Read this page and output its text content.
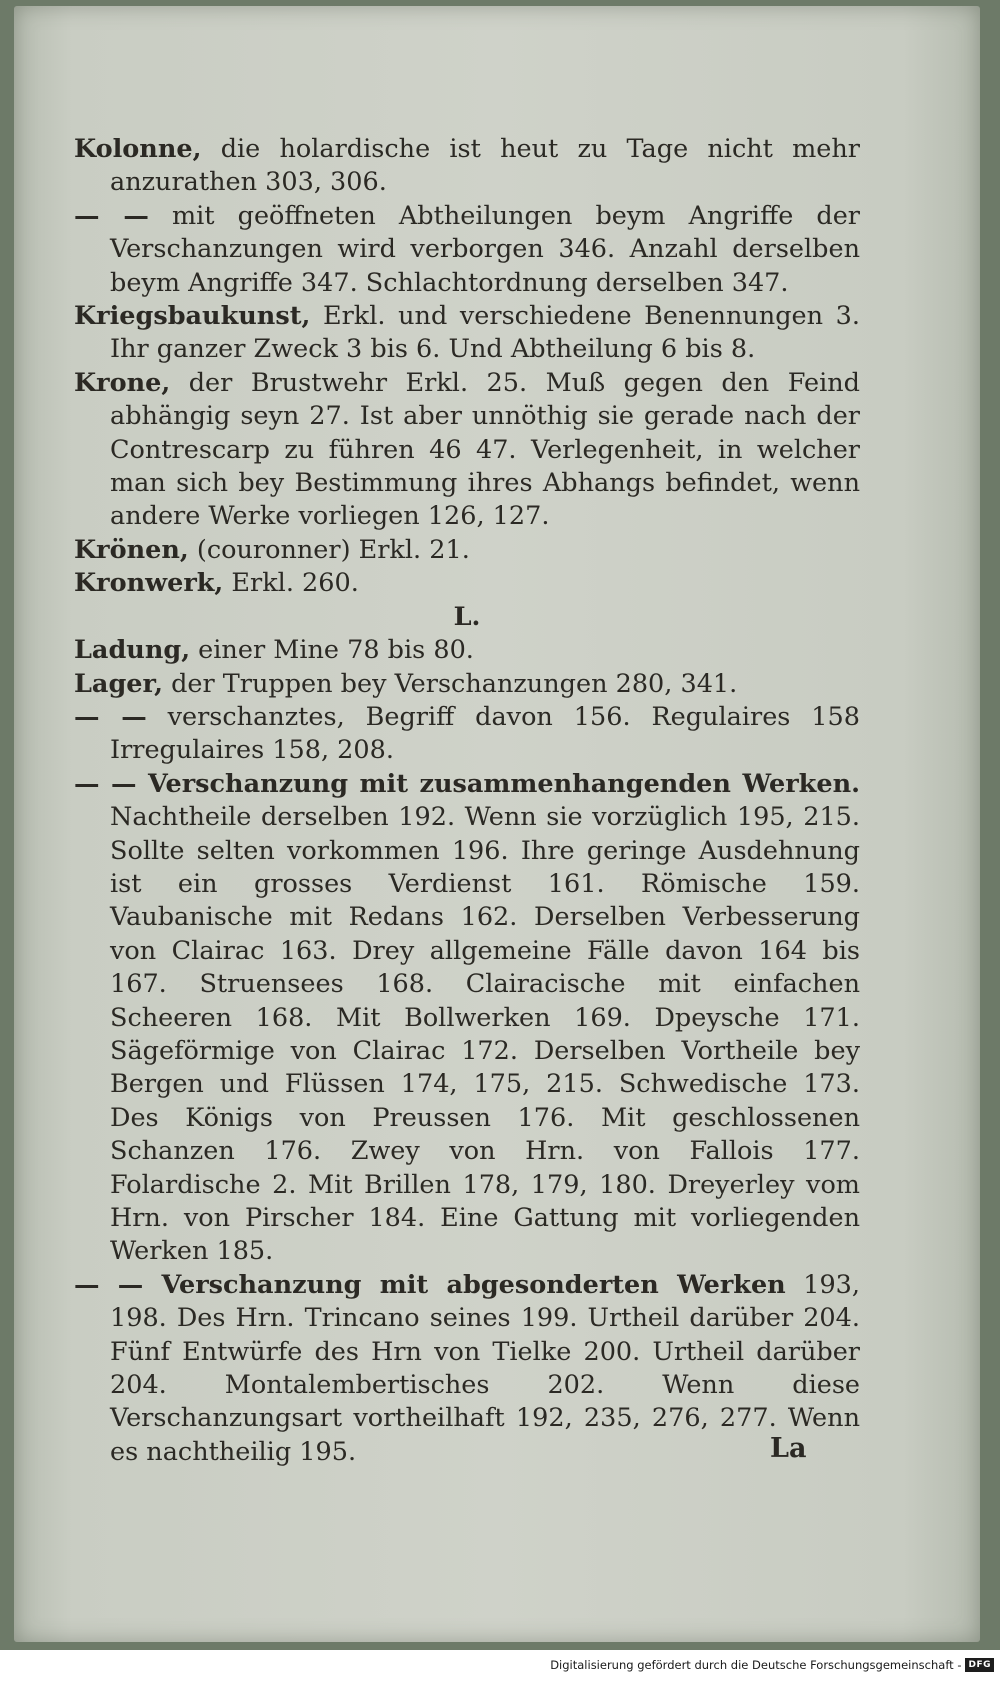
Kolonne, die holardische ist heut zu Tage nicht mehr anzurathen 303, 306.

— — mit geöffneten Abtheilungen beym Angriffe der Verschanzungen wird verborgen 346. Anzahl derselben beym Angriffe 347. Schlachtordnung derselben 347.

Kriegsbaukunst, Erkl. und verschiedene Benennungen 3. Ihr ganzer Zweck 3 bis 6. Und Abtheilung 6 bis 8.

Krone, der Brustwehr Erkl. 25. Muß gegen den Feind abhängig seyn 27. Ist aber unnöthig sie gerade nach der Contrescarp zu führen 46 47. Verlegenheit, in welcher man sich bey Bestimmung ihres Abhangs befindet, wenn andere Werke vorliegen 126, 127.

Krönen, (couronner) Erkl. 21.

Kronwerk, Erkl. 260.

L.

Ladung, einer Mine 78 bis 80.

Lager, der Truppen bey Verschanzungen 280, 341.

— — verschanztes, Begriff davon 156. Regulaires 158 Irregulaires 158, 208.

— — Verschanzung mit zusammenhangenden Werken. Nachtheile derselben 192. Wenn sie vorzüglich 195, 215. Sollte selten vorkommen 196. Ihre geringe Ausdehnung ist ein grosses Verdienst 161. Römische 159. Vaubanische mit Redans 162. Derselben Verbesserung von Clairac 163. Drey allgemeine Fälle davon 164 bis 167. Struensees 168. Clairacische mit einfachen Scheeren 168. Mit Bollwerken 169. Dpeysche 171. Sägeförmige von Clairac 172. Derselben Vortheile bey Bergen und Flüssen 174, 175, 215. Schwedische 173. Des Königs von Preussen 176. Mit geschlossenen Schanzen 176. Zwey von Hrn. von Fallois 177. Folardische 2. Mit Brillen 178, 179, 180. Dreyerley vom Hrn. von Pirscher 184. Eine Gattung mit vorliegenden Werken 185.

— — Verschanzung mit abgesonderten Werken 193, 198. Des Hrn. Trincano seines 199. Urtheil darüber 204. Fünf Entwürfe des Hrn von Tielke 200. Urtheil darüber 204. Montalembertisches 202. Wenn diese Verschanzungsart vortheilhaft 192, 235, 276, 277. Wenn es nachtheilig 195.	La
Digitalisierung gefördert durch die Deutsche Forschungsgemeinschaft - DFG
